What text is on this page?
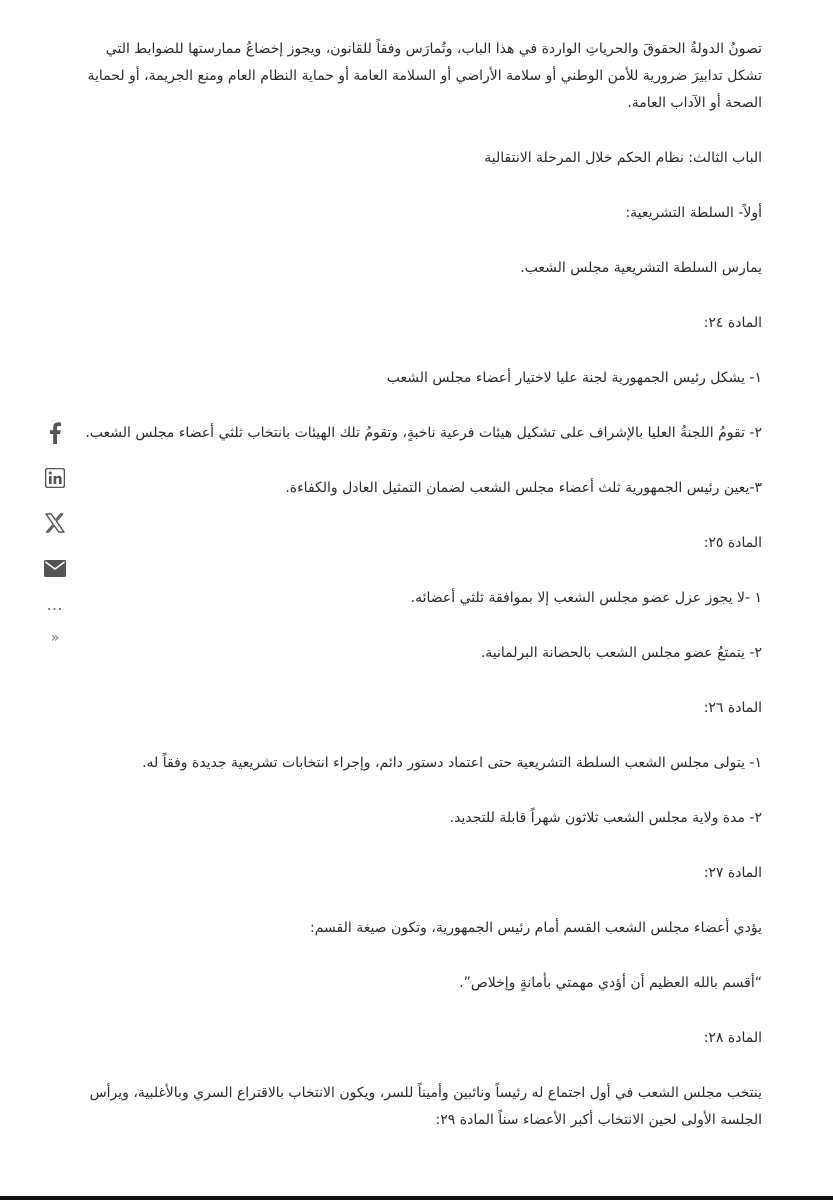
تصونُ الدولةُ الحقوقَ والحرياتِ الواردة في هذا الباب، وتُمارَس وفقاً للقانون، ويجوز إخضاعُ ممارستها للضوابط التي تشكل تدابيرَ ضرورية للأمن الوطني أو سلامة الأراضي أو السلامة العامة أو حماية النظام العام ومنع الجريمة، أو لحماية الصحة أو الآداب العامة.

الباب الثالث: نظام الحكم خلال المرحلة الانتقالية

أولاً- السلطة التشريعية:

يمارس السلطة التشريعية مجلس الشعب.

المادة ٢٤:

١- يشكل رئيس الجمهورية لجنة عليا لاختيار أعضاء مجلس الشعب

٢- تقومُ اللجنةُ العليا بالإشراف على تشكيل هيئات فرعية ناخبةٍ، وتقومُ تلك الهيئات بانتخاب ثلثي أعضاء مجلس الشعب.

٣-يعين رئيس الجمهورية ثلث أعضاء مجلس الشعب لضمان التمثيل العادل والكفاءة.

المادة ٢٥:

١ -لا يجوز عزل عضو مجلس الشعب إلا بموافقة ثلثي أعضائه.

٢- يتمتعُ عضو مجلس الشعب بالحصانة البرلمانية.

المادة ٢٦:

١- يتولى مجلس الشعب السلطة التشريعية حتى اعتماد دستور دائم، وإجراء انتخابات تشريعية جديدة وفقاً له.

٢- مدة ولاية مجلس الشعب ثلاثون شهراً قابلة للتجديد.

المادة ٢٧:

يؤدي أعضاء مجلس الشعب القسم أمام رئيس الجمهورية، وتكون صيغة القسم:

“أقسم بالله العظيم أن أؤدي مهمتي بأمانةٍ وإخلاص”.

المادة ٢٨:

ينتخب مجلس الشعب في أول اجتماع له رئيساً ونائبين وأميناً للسر، ويكون الانتخاب بالاقتراع السري وبالأغلبية، ويرأس الجلسة الأولى لحين الانتخاب أكبر الأعضاء سناً المادة ٢٩:

…
»
